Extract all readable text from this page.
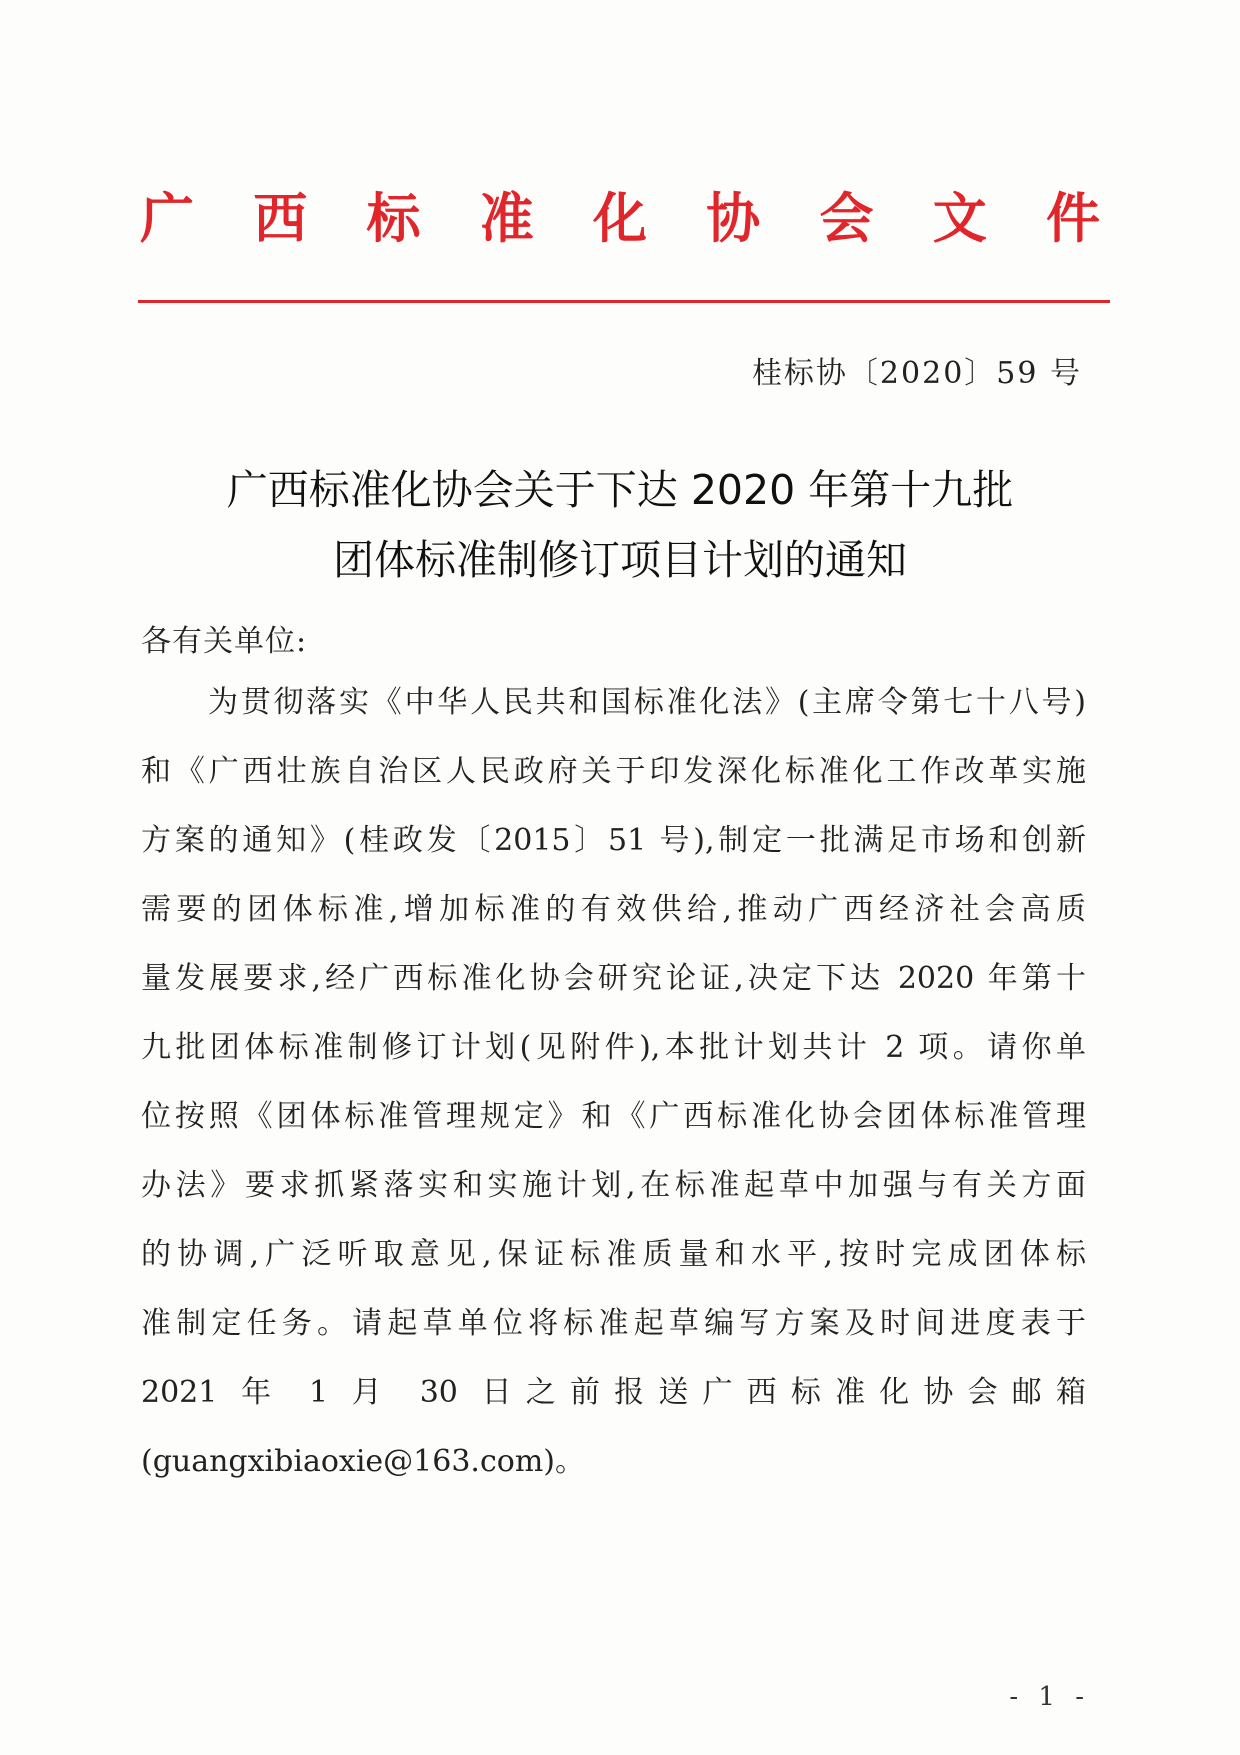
广 西 标 准 化 协 会 文 件
桂标协〔2020〕59 号
广西标准化协会关于下达 2020 年第十九批
团体标准制修订项目计划的通知
各有关单位:
为贯彻落实《中华人民共和国标准化法》(主席令第七十八号)
和《广西壮族自治区人民政府关于印发深化标准化工作改革实施
方案的通知》(桂政发〔2015〕51 号),制定一批满足市场和创新
需要的团体标准,增加标准的有效供给,推动广西经济社会高质
量发展要求,经广西标准化协会研究论证,决定下达 2020 年第十
九批团体标准制修订计划(见附件),本批计划共计 2 项。请你单
位按照《团体标准管理规定》和《广西标准化协会团体标准管理
办法》要求抓紧落实和实施计划,在标准起草中加强与有关方面
的协调,广泛听取意见,保证标准质量和水平,按时完成团体标
准制定任务。请起草单位将标准起草编写方案及时间进度表于
2021 年 1 月 30 日之前报送广西标准化协会邮箱
(guangxibiaoxie@163.com)。
- 1 -
